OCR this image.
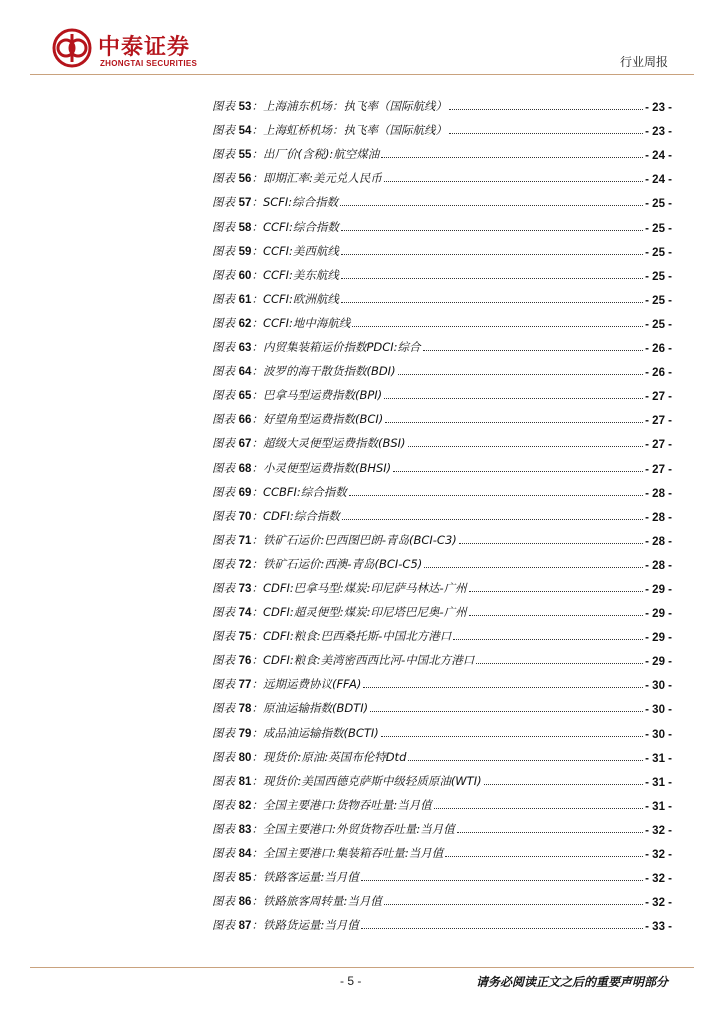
中泰证券
ZHONGTAI SECURITIES	行业周报
图表 53：上海浦东机场：执飞率（国际航线）	- 23 -
图表 54：上海虹桥机场：执飞率（国际航线）	- 23 -
图表 55：出厂价(含税):航空煤油	- 24 -
图表 56：即期汇率:美元兑人民币	- 24 -
图表 57：SCFI:综合指数	- 25 -
图表 58：CCFI:综合指数	- 25 -
图表 59：CCFI:美西航线	- 25 -
图表 60：CCFI:美东航线	- 25 -
图表 61：CCFI:欧洲航线	- 25 -
图表 62：CCFI:地中海航线	- 25 -
图表 63：内贸集装箱运价指数PDCI:综合	- 26 -
图表 64：波罗的海干散货指数(BDI)	- 26 -
图表 65：巴拿马型运费指数(BPI)	- 27 -
图表 66：好望角型运费指数(BCI)	- 27 -
图表 67：超级大灵便型运费指数(BSI)	- 27 -
图表 68：小灵便型运费指数(BHSI)	- 27 -
图表 69：CCBFI:综合指数	- 28 -
图表 70：CDFI:综合指数	- 28 -
图表 71：铁矿石运价:巴西图巴朗-青岛(BCI-C3)	- 28 -
图表 72：铁矿石运价:西澳-青岛(BCI-C5)	- 28 -
图表 73：CDFI:巴拿马型:煤炭:印尼萨马林达-广州	- 29 -
图表 74：CDFI:超灵便型:煤炭:印尼塔巴尼奥-广州	- 29 -
图表 75：CDFI:粮食:巴西桑托斯-中国北方港口	- 29 -
图表 76：CDFI:粮食:美湾密西西比河-中国北方港口	- 29 -
图表 77：远期运费协议(FFA)	- 30 -
图表 78：原油运输指数(BDTI)	- 30 -
图表 79：成品油运输指数(BCTI)	- 30 -
图表 80：现货价:原油:英国布伦特Dtd	- 31 -
图表 81：现货价:美国西德克萨斯中级轻质原油(WTI)	- 31 -
图表 82：全国主要港口:货物吞吐量:当月值	- 31 -
图表 83：全国主要港口:外贸货物吞吐量:当月值	- 32 -
图表 84：全国主要港口:集装箱吞吐量:当月值	- 32 -
图表 85：铁路客运量:当月值	- 32 -
图表 86：铁路旅客周转量:当月值	- 32 -
图表 87：铁路货运量:当月值	- 33 -
- 5 -	请务必阅读正文之后的重要声明部分
